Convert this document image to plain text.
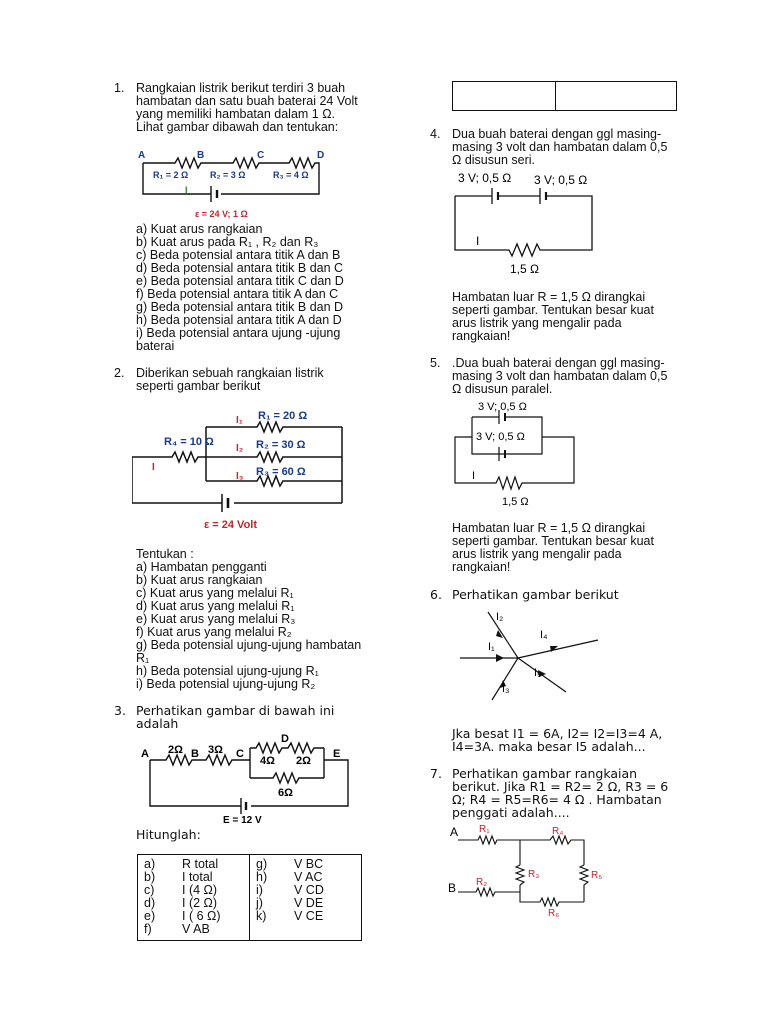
1. Rangkaian listrik berikut terdiri 3 buah
hambatan dan satu buah baterai 24 Volt
yang memiliki hambatan dalam 1 Ω.
Lihat gambar dibawah dan tentukan:
A	B	C	D
R₁ = 2 Ω R₂ = 3 Ω	R₃ = 4 Ω
I
ε = 24 V; 1 Ω
a) Kuat arus rangkaian
b) Kuat arus pada R₁ , R₂ dan R₃
c) Beda potensial antara titik A dan B
d) Beda potensial antara titik B dan C
e) Beda potensial antara titik C dan D
f) Beda potensial antara titik A dan C
g) Beda potensial antara titik B dan D
h) Beda potensial antara titik A dan D
i) Beda potensial antara ujung -ujung
baterai
2. Diberikan sebuah rangkaian listrik
seperti gambar berikut
R₁ = 20 Ω
R₂ = 30 Ω
R₃ = 60 Ω
R₄ = 10 Ω
I
I₁
I₂
I₃
ε = 24 Volt
Tentukan :
a) Hambatan pengganti
b) Kuat arus rangkaian
c) Kuat arus yang melalui R₁
d) Kuat arus yang melalui R₁
e) Kuat arus yang melalui R₃
f) Kuat arus yang melalui R₂
g) Beda potensial ujung-ujung hambatan
R₁
h) Beda potensial ujung-ujung R₁
i) Beda potensial ujung-ujung R₂
3. Perhatikan gambar di bawah ini
adalah
A	B	C
D
E
2Ω 3Ω
4Ω 2Ω
6Ω
E = 12 V
Hitunglah:
a)	R total
b)	I total
c)	I (4 Ω)
d)	I (2 Ω)
e)	I ( 6 Ω)
f)	V AB

g)	V BC
h)	V AC
i)	V CD
j)	V DE
k)	V CE

4. Dua buah baterai dengan ggl masing-
masing 3 volt dan hambatan dalam 0,5
Ω disusun seri.
3 V; 0,5 Ω 3 V; 0,5 Ω
I
1,5 Ω
Hambatan luar R = 1,5 Ω dirangkai
seperti gambar. Tentukan besar kuat
arus listrik yang mengalir pada
rangkaian!
5. .Dua buah baterai dengan ggl masing-
masing 3 volt dan hambatan dalam 0,5
Ω disusun paralel.
3 V; 0,5 Ω
3 V; 0,5 Ω
I
1,5 Ω
Hambatan luar R = 1,5 Ω dirangkai
seperti gambar. Tentukan besar kuat
arus listrik yang mengalir pada
rangkaian!
6. Perhatikan gambar berikut
I₁
I₂
I₃
I₄
I₅
Jka besat I1 = 6A, I2= I2=I3=4 A,
I4=3A. maka besar I5 adalah...
7. Perhatikan gambar rangkaian
berikut. Jika R1 = R2= 2 Ω, R3 = 6
Ω; R4 = R5=R6= 4 Ω . Hambatan
penggati adalah....
A
B
R₁
R₂
R₃
R₄
R₅
R₆
